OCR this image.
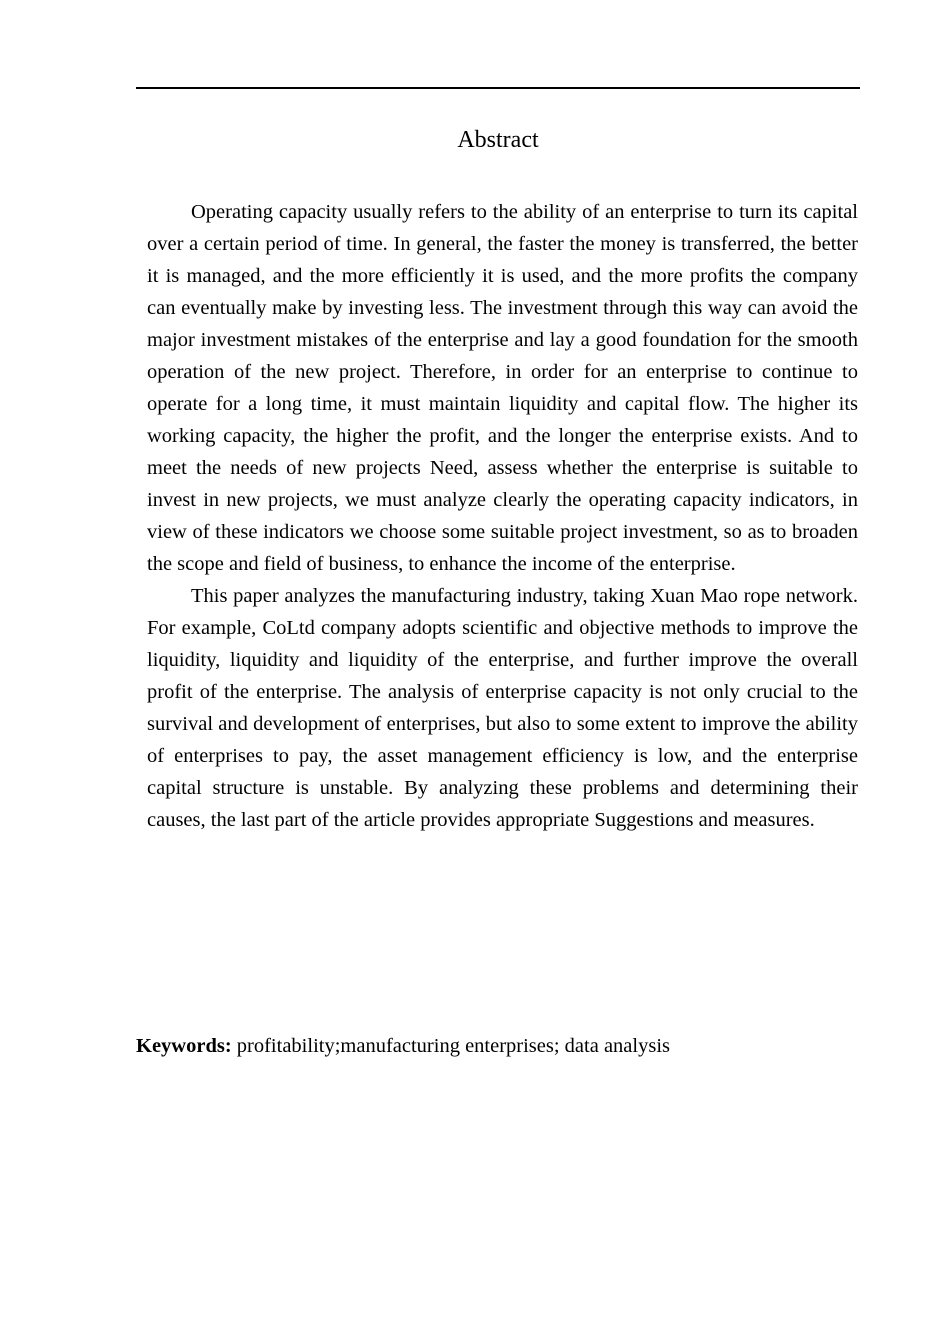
Abstract

Operating capacity usually refers to the ability of an enterprise to turn its capital over a certain period of time. In general, the faster the money is transferred, the better it is managed, and the more efficiently it is used, and the more profits the company can eventually make by investing less. The investment through this way can avoid the major investment mistakes of the enterprise and lay a good foundation for the smooth operation of the new project. Therefore, in order for an enterprise to continue to operate for a long time, it must maintain liquidity and capital flow. The higher its working capacity, the higher the profit, and the longer the enterprise exists. And to meet the needs of new projects Need, assess whether the enterprise is suitable to invest in new projects, we must analyze clearly the operating capacity indicators, in view of these indicators we choose some suitable project investment, so as to broaden the scope and field of business, to enhance the income of the enterprise.

This paper analyzes the manufacturing industry, taking Xuan Mao rope network. For example, CoLtd company adopts scientific and objective methods to improve the liquidity, liquidity and liquidity of the enterprise, and further improve the overall profit of the enterprise. The analysis of enterprise capacity is not only crucial to the survival and development of enterprises, but also to some extent to improve the ability of enterprises to pay, the asset management efficiency is low, and the enterprise capital structure is unstable. By analyzing these problems and determining their causes, the last part of the article provides appropriate Suggestions and measures.

Keywords: profitability;manufacturing enterprises; data analysis
